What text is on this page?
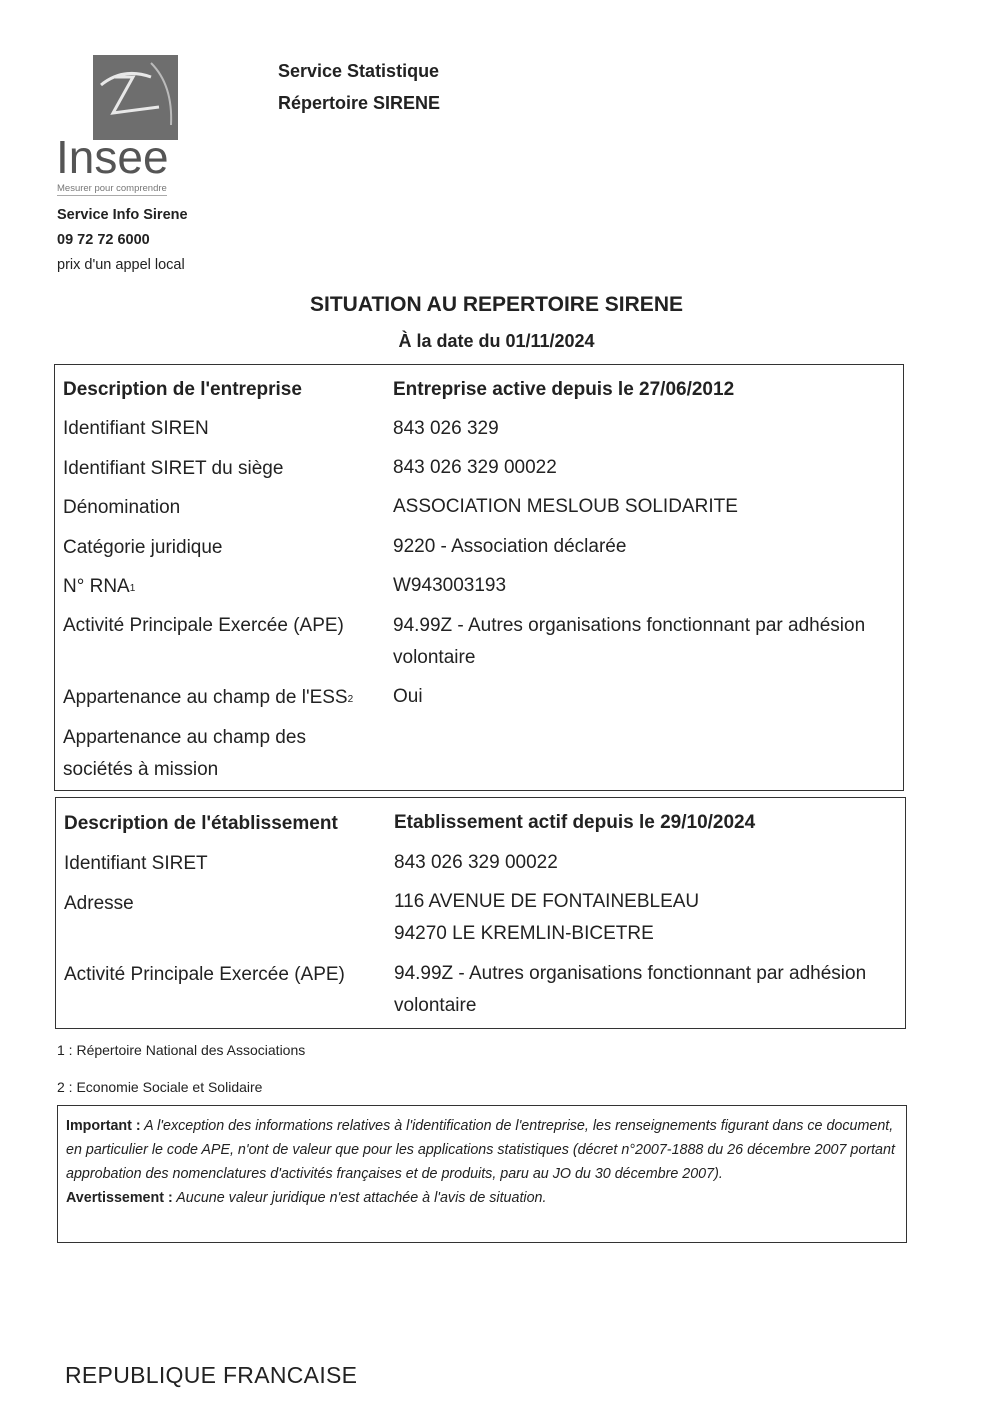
Insee
Mesurer pour comprendre
Service Statistique
Répertoire SIRENE
Service Info Sirene
09 72 72 6000
prix d'un appel local
SITUATION AU REPERTOIRE SIRENE
À la date du 01/11/2024
Description de l'entreprise	Entreprise active depuis le 27/06/2012
Identifiant SIREN	843 026 329
Identifiant SIRET du siège	843 026 329 00022
Dénomination	ASSOCIATION MESLOUB SOLIDARITE
Catégorie juridique	9220 - Association déclarée
N° RNA$^1$	W943003193
Activité Principale Exercée (APE)	94.99Z - Autres organisations fonctionnant par adhésion volontaire
Appartenance au champ de l'ESS$^2$	Oui
Appartenance au champ des sociétés à mission
Description de l'établissement	Etablissement actif depuis le 29/10/2024
Identifiant SIRET	843 026 329 00022
Adresse	116 AVENUE DE FONTAINEBLEAU
94270 LE KREMLIN-BICETRE
Activité Principale Exercée (APE)	94.99Z - Autres organisations fonctionnant par adhésion volontaire
1 : Répertoire National des Associations
2 : Economie Sociale et Solidaire
Important : A l'exception des informations relatives à l'identification de l'entreprise, les renseignements figurant dans ce document, en particulier le code APE, n'ont de valeur que pour les applications statistiques (décret n°2007-1888 du 26 décembre 2007 portant approbation des nomenclatures d'activités françaises et de produits, paru au JO du 30 décembre 2007).
Avertissement : Aucune valeur juridique n'est attachée à l'avis de situation.
REPUBLIQUE FRANCAISE
